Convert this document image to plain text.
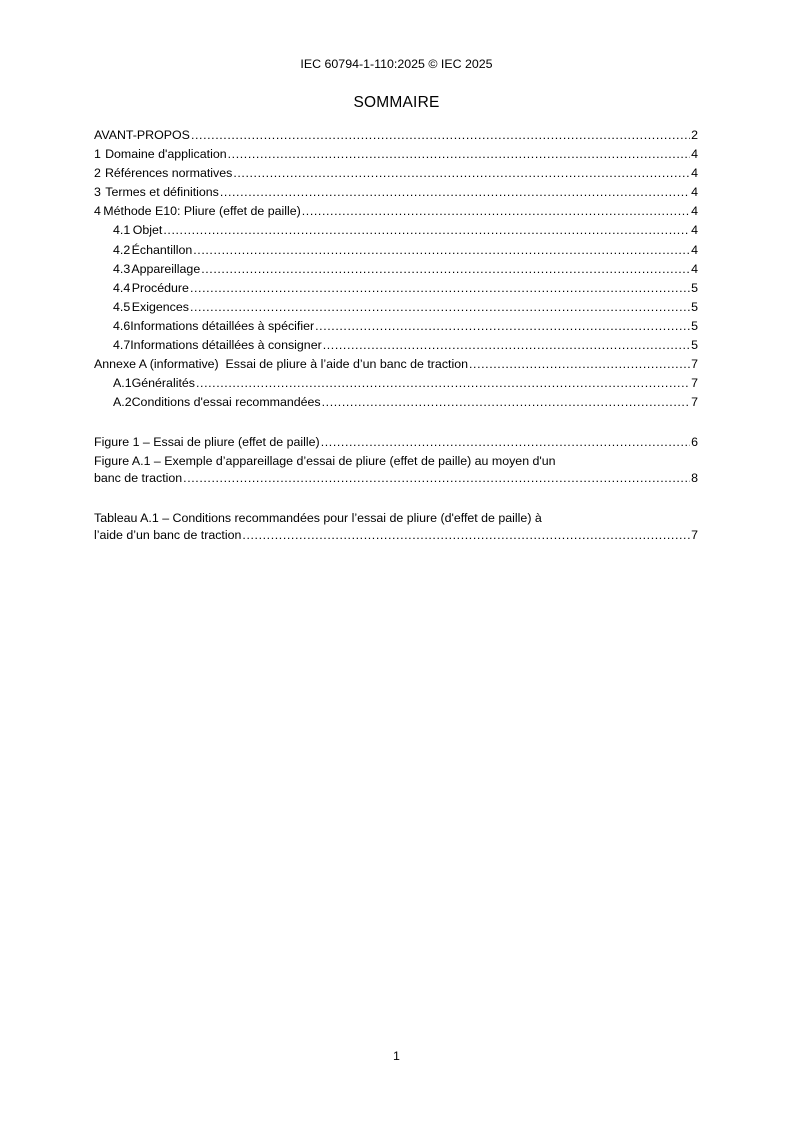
IEC 60794-1-110:2025 © IEC 2025
SOMMAIRE
AVANT-PROPOS .....	2
1 Domaine d'application .....	4
2 Références normatives .....	4
3 Termes et définitions .....	4
4 Méthode E10: Pliure (effet de paille) .....	4
4.1 Objet .....	4
4.2 Échantillon .....	4
4.3 Appareillage .....	4
4.4 Procédure .....	5
4.5 Exigences .....	5
4.6 Informations détaillées à spécifier .....	5
4.7 Informations détaillées à consigner .....	5
Annexe A (informative)  Essai de pliure à l’aide d’un banc de traction .....	7
A.1 Généralités .....	7
A.2 Conditions d'essai recommandées .....	7
Figure 1 – Essai de pliure (effet de paille) .....	6
Figure A.1 – Exemple d’appareillage d’essai de pliure (effet de paille) au moyen d'un
banc de traction .....	8
Tableau A.1 – Conditions recommandées pour l’essai de pliure (d'effet de paille) à
l’aide d’un banc de traction .....	7
1
